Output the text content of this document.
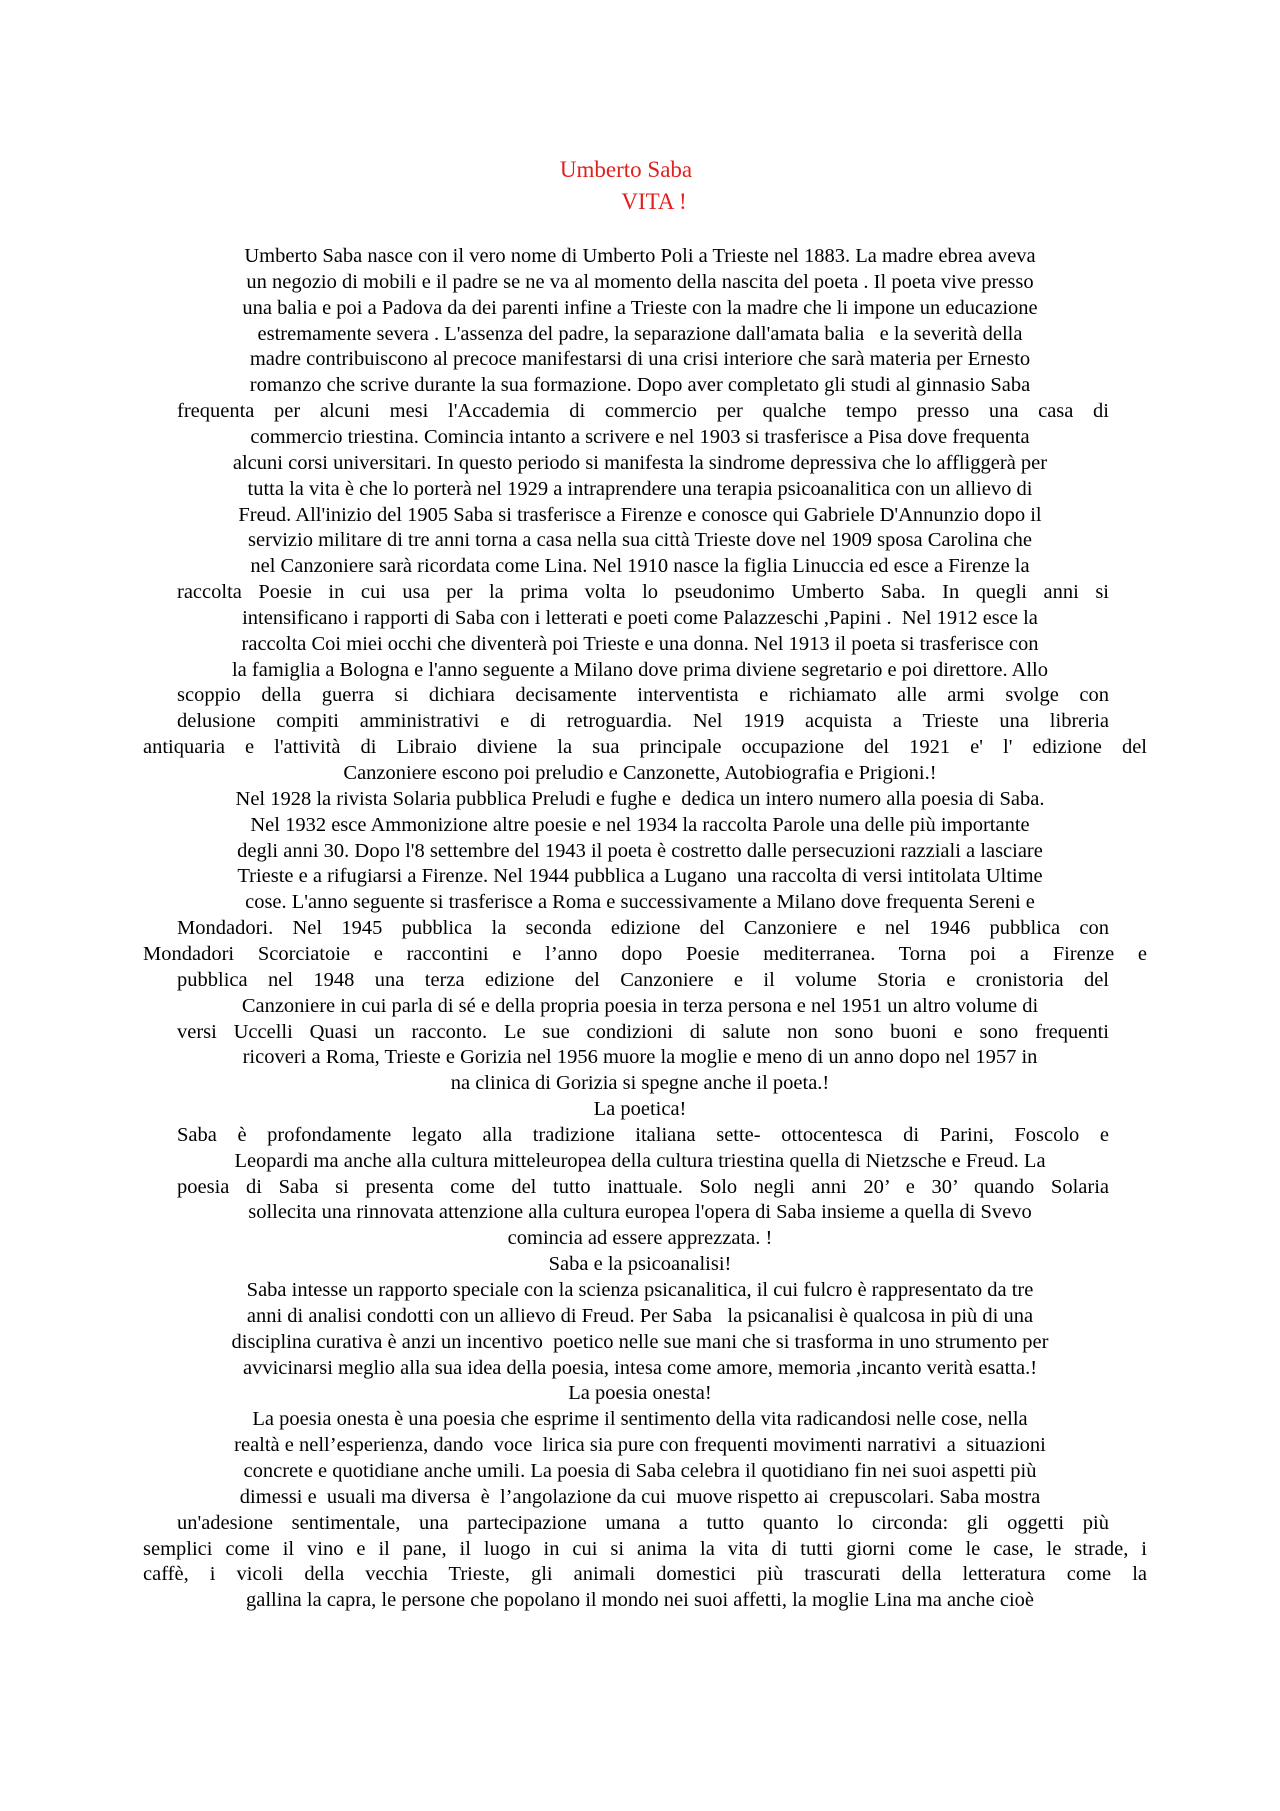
Umberto Saba
VITA !
Umberto Saba nasce con il vero nome di Umberto Poli a Trieste nel 1883. La madre ebrea aveva
un negozio di mobili e il padre se ne va al momento della nascita del poeta . Il poeta vive presso
una balia e poi a Padova da dei parenti infine a Trieste con la madre che li impone un educazione
estremamente severa . L'assenza del padre, la separazione dall'amata balia   e la severità della
madre contribuiscono al precoce manifestarsi di una crisi interiore che sarà materia per Ernesto
romanzo che scrive durante la sua formazione. Dopo aver completato gli studi al ginnasio Saba
frequenta per alcuni mesi l'Accademia di commercio per qualche tempo presso una casa di
commercio triestina. Comincia intanto a scrivere e nel 1903 si trasferisce a Pisa dove frequenta
alcuni corsi universitari. In questo periodo si manifesta la sindrome depressiva che lo affliggerà per
tutta la vita è che lo porterà nel 1929 a intraprendere una terapia psicoanalitica con un allievo di
Freud. All'inizio del 1905 Saba si trasferisce a Firenze e conosce qui Gabriele D'Annunzio dopo il
servizio militare di tre anni torna a casa nella sua città Trieste dove nel 1909 sposa Carolina che
nel Canzoniere sarà ricordata come Lina. Nel 1910 nasce la figlia Linuccia ed esce a Firenze la
raccolta Poesie in cui usa per la prima volta lo pseudonimo Umberto Saba. In quegli anni si
intensificano i rapporti di Saba con i letterati e poeti come Palazzeschi ,Papini .  Nel 1912 esce la
raccolta Coi miei occhi che diventerà poi Trieste e una donna. Nel 1913 il poeta si trasferisce con
la famiglia a Bologna e l'anno seguente a Milano dove prima diviene segretario e poi direttore. Allo
scoppio della guerra si dichiara decisamente interventista e richiamato alle armi svolge con
delusione compiti amministrativi e di retroguardia. Nel 1919 acquista a Trieste una libreria
antiquaria e l'attività di Libraio diviene la sua principale occupazione del 1921 e' l' edizione del
Canzoniere escono poi preludio e Canzonette, Autobiografia e Prigioni.!
Nel 1928 la rivista Solaria pubblica Preludi e fughe e  dedica un intero numero alla poesia di Saba.
Nel 1932 esce Ammonizione altre poesie e nel 1934 la raccolta Parole una delle più importante
degli anni 30. Dopo l'8 settembre del 1943 il poeta è costretto dalle persecuzioni razziali a lasciare
Trieste e a rifugiarsi a Firenze. Nel 1944 pubblica a Lugano  una raccolta di versi intitolata Ultime
cose. L'anno seguente si trasferisce a Roma e successivamente a Milano dove frequenta Sereni e
Mondadori. Nel 1945 pubblica la seconda edizione del Canzoniere e nel 1946 pubblica con
Mondadori Scorciatoie e raccontini e l’anno dopo Poesie mediterranea. Torna poi a Firenze e
pubblica nel 1948 una terza edizione del Canzoniere e il volume Storia e cronistoria del
Canzoniere in cui parla di sé e della propria poesia in terza persona e nel 1951 un altro volume di
versi Uccelli Quasi un racconto. Le sue condizioni di salute non sono buoni e sono frequenti
ricoveri a Roma, Trieste e Gorizia nel 1956 muore la moglie e meno di un anno dopo nel 1957 in
na clinica di Gorizia si spegne anche il poeta.!
La poetica!
Saba è profondamente legato alla tradizione italiana sette- ottocentesca di Parini, Foscolo e
Leopardi ma anche alla cultura mitteleuropea della cultura triestina quella di Nietzsche e Freud. La
poesia di Saba si presenta come del tutto inattuale. Solo negli anni 20’ e 30’ quando Solaria
sollecita una rinnovata attenzione alla cultura europea l'opera di Saba insieme a quella di Svevo
comincia ad essere apprezzata. !
Saba e la psicoanalisi!
Saba intesse un rapporto speciale con la scienza psicanalitica, il cui fulcro è rappresentato da tre
anni di analisi condotti con un allievo di Freud. Per Saba   la psicanalisi è qualcosa in più di una
disciplina curativa è anzi un incentivo  poetico nelle sue mani che si trasforma in uno strumento per
avvicinarsi meglio alla sua idea della poesia, intesa come amore, memoria ,incanto verità esatta.!
La poesia onesta!
La poesia onesta è una poesia che esprime il sentimento della vita radicandosi nelle cose, nella
realtà e nell’esperienza, dando  voce  lirica sia pure con frequenti movimenti narrativi  a  situazioni
concrete e quotidiane anche umili. La poesia di Saba celebra il quotidiano fin nei suoi aspetti più
dimessi e  usuali ma diversa  è  l’angolazione da cui  muove rispetto ai  crepuscolari. Saba mostra
un'adesione sentimentale, una partecipazione umana a tutto quanto lo circonda: gli oggetti più
semplici come il vino e il pane, il luogo in cui si anima la vita di tutti giorni come le case, le strade, i
caffè, i vicoli della vecchia Trieste, gli animali domestici più trascurati della letteratura come la
gallina la capra, le persone che popolano il mondo nei suoi affetti, la moglie Lina ma anche cioè
